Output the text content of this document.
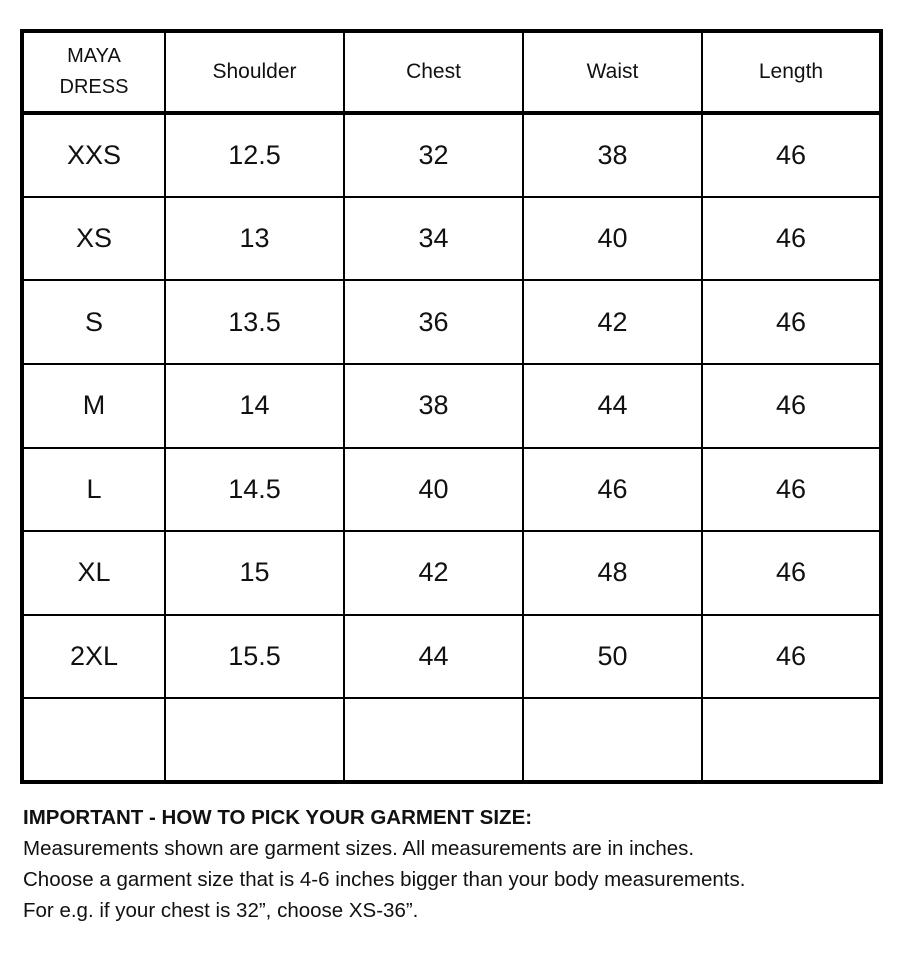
MAYA
DRESS	Shoulder	Chest	Waist	Length
XXS	12.5	32	38	46
XS	13	34	40	46
S	13.5	36	42	46
M	14	38	44	46
L	14.5	40	46	46
XL	15	42	48	46
2XL	15.5	44	50	46

IMPORTANT - HOW TO PICK YOUR GARMENT SIZE:
Measurements shown are garment sizes. All measurements are in inches.
Choose a garment size that is 4-6 inches bigger than your body measurements.
For e.g. if your chest is 32”, choose XS-36”.
